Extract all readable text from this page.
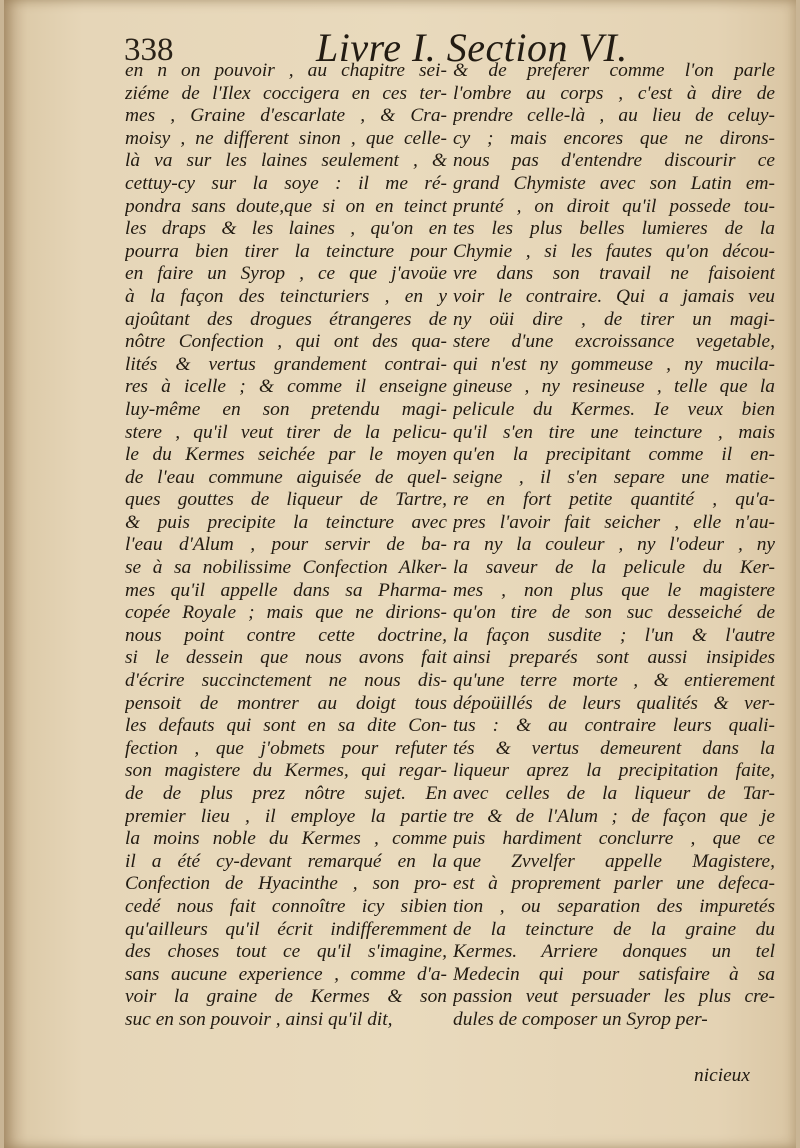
338	Livre I. Section VI.
en n on pouvoir , au chapitre sei-
ziéme de l'Ilex coccigera en ces ter-
mes , Graine d'escarlate , & Cra-
moisy , ne different sinon , que celle-
là va sur les laines seulement , &
cettuy-cy sur la soye : il me ré-
pondra sans doute,que si on en teinct
les draps & les laines , qu'on en
pourra bien tirer la teincture pour
en faire un Syrop , ce que j'avoüe
à la façon des teincturiers , en y
ajoûtant des drogues étrangeres de
nôtre Confection , qui ont des qua-
lités & vertus grandement contrai-
res à icelle ; & comme il enseigne
luy-même en son pretendu magi-
stere , qu'il veut tirer de la pelicu-
le du Kermes seichée par le moyen
de l'eau commune aiguisée de quel-
ques gouttes de liqueur de Tartre,
& puis precipite la teincture avec
l'eau d'Alum , pour servir de ba-
se à sa nobilissime Confection Alker-
mes qu'il appelle dans sa Pharma-
copée Royale ; mais que ne dirions-
nous point contre cette doctrine,
si le dessein que nous avons fait
d'écrire succinctement ne nous dis-
pensoit de montrer au doigt tous
les defauts qui sont en sa dite Con-
fection , que j'obmets pour refuter
son magistere du Kermes, qui regar-
de de plus prez nôtre sujet. En
premier lieu , il employe la partie
la moins noble du Kermes , comme
il a été cy-devant remarqué en la
Confection de Hyacinthe , son pro-
cedé nous fait connoître icy sibien
qu'ailleurs qu'il écrit indifferemment
des choses tout ce qu'il s'imagine,
sans aucune experience , comme d'a-
voir la graine de Kermes & son
suc en son pouvoir , ainsi qu'il dit,
& de preferer comme l'on parle
l'ombre au corps , c'est à dire de
prendre celle-là , au lieu de celuy-
cy ; mais encores que ne dirons-
nous pas d'entendre discourir ce
grand Chymiste avec son Latin em-
prunté , on diroit qu'il possede tou-
tes les plus belles lumieres de la
Chymie , si les fautes qu'on décou-
vre dans son travail ne faisoient
voir le contraire. Qui a jamais veu
ny oüi dire , de tirer un magi-
stere d'une excroissance vegetable,
qui n'est ny gommeuse , ny mucila-
gineuse , ny resineuse , telle que la
pelicule du Kermes. Ie veux bien
qu'il s'en tire une teincture , mais
qu'en la precipitant comme il en-
seigne , il s'en separe une matie-
re en fort petite quantité , qu'a-
pres l'avoir fait seicher , elle n'au-
ra ny la couleur , ny l'odeur , ny
la saveur de la pelicule du Ker-
mes , non plus que le magistere
qu'on tire de son suc desseiché de
la façon susdite ; l'un & l'autre
ainsi preparés sont aussi insipides
qu'une terre morte , & entierement
dépoüillés de leurs qualités & ver-
tus : & au contraire leurs quali-
tés & vertus demeurent dans la
liqueur aprez la precipitation faite,
avec celles de la liqueur de Tar-
tre & de l'Alum ; de façon que je
puis hardiment conclurre , que ce
que Zvvelfer appelle Magistere,
est à proprement parler une defeca-
tion , ou separation des impuretés
de la teincture de la graine du
Kermes. Arriere donques un tel
Medecin qui pour satisfaire à sa
passion veut persuader les plus cre-
dules de composer un Syrop per-
nicieux
